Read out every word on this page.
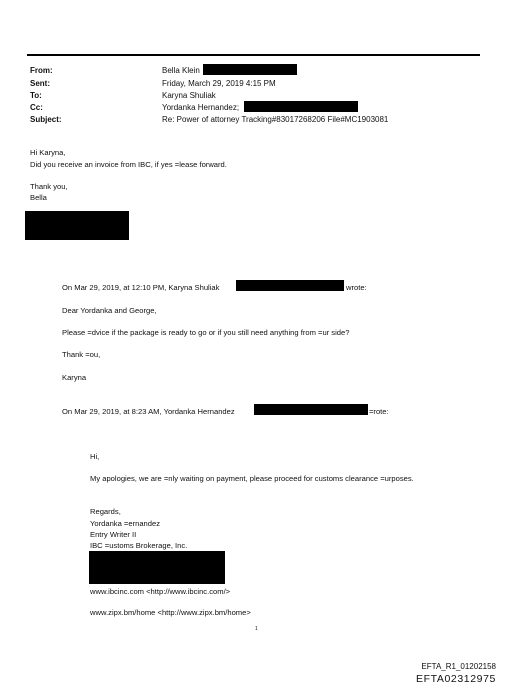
From:	Bella Klein
Sent:	Friday, March 29, 2019 4:15 PM
To:	Karyna Shuliak
Cc:	Yordanka Hernandez;
Subject:	Re: Power of attorney Tracking#83017268206 File#MC1903081
Hi Karyna,
Did you receive an invoice from IBC, if yes =lease forward.
Thank you,
Bella
On Mar 29, 2019, at 12:10 PM, Karyna Shuliak	wrote:
Dear Yordanka and George,
Please =dvice if the package is ready to go or if you still need anything from =ur side?
Thank =ou,
Karyna
On Mar 29, 2019, at 8:23 AM, Yordanka Hernandez	=rote:
Hi,
My apologies, we are =nly waiting on payment, please proceed for customs clearance =urposes.
Regards,
Yordanka =ernandez
Entry Writer II
IBC =ustoms Brokerage, Inc.
www.ibcinc.com <http://www.ibcinc.com/>
www.zipx.bm/home <http://www.zipx.bm/home>
1
EFTA_R1_01202158
EFTA02312975
